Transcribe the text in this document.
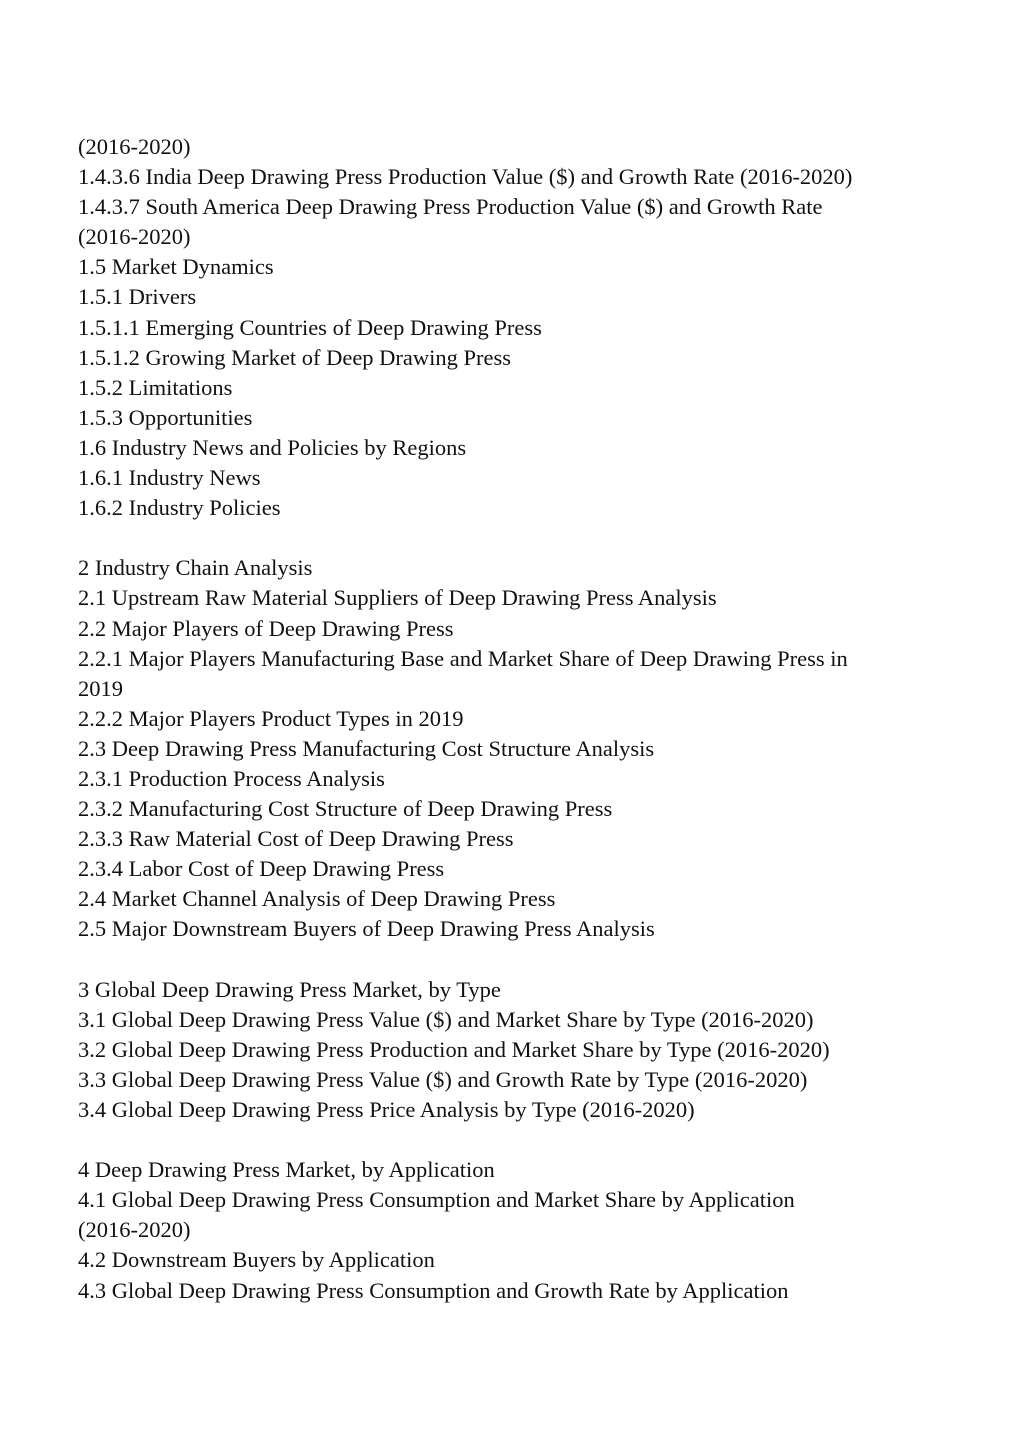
(2016-2020)

1.4.3.6 India Deep Drawing Press Production Value ($) and Growth Rate (2016-2020)

1.4.3.7 South America Deep Drawing Press Production Value ($) and Growth Rate

(2016-2020)

1.5 Market Dynamics

1.5.1 Drivers

1.5.1.1 Emerging Countries of Deep Drawing Press

1.5.1.2 Growing Market of Deep Drawing Press

1.5.2 Limitations

1.5.3 Opportunities

1.6 Industry News and Policies by Regions

1.6.1 Industry News

1.6.2 Industry Policies

2 Industry Chain Analysis

2.1 Upstream Raw Material Suppliers of Deep Drawing Press Analysis

2.2 Major Players of Deep Drawing Press

2.2.1 Major Players Manufacturing Base and Market Share of Deep Drawing Press in

2019

2.2.2 Major Players Product Types in 2019

2.3 Deep Drawing Press Manufacturing Cost Structure Analysis

2.3.1 Production Process Analysis

2.3.2 Manufacturing Cost Structure of Deep Drawing Press

2.3.3 Raw Material Cost of Deep Drawing Press

2.3.4 Labor Cost of Deep Drawing Press

2.4 Market Channel Analysis of Deep Drawing Press

2.5 Major Downstream Buyers of Deep Drawing Press Analysis

3 Global Deep Drawing Press Market, by Type

3.1 Global Deep Drawing Press Value ($) and Market Share by Type (2016-2020)

3.2 Global Deep Drawing Press Production and Market Share by Type (2016-2020)

3.3 Global Deep Drawing Press Value ($) and Growth Rate by Type (2016-2020)

3.4 Global Deep Drawing Press Price Analysis by Type (2016-2020)

4 Deep Drawing Press Market, by Application

4.1 Global Deep Drawing Press Consumption and Market Share by Application

(2016-2020)

4.2 Downstream Buyers by Application

4.3 Global Deep Drawing Press Consumption and Growth Rate by Application
